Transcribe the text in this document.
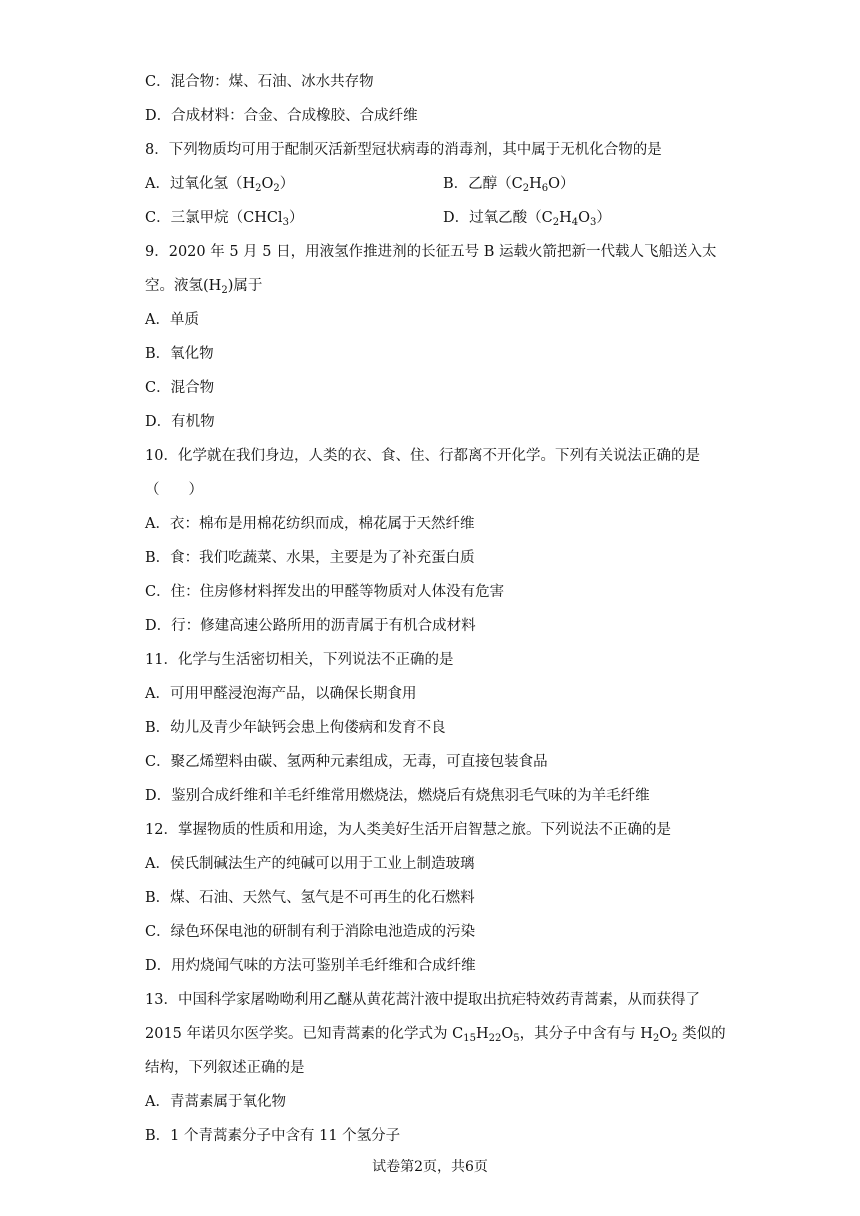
C．混合物：煤、石油、冰水共存物
D．合成材料：合金、合成橡胶、合成纤维
8．下列物质均可用于配制灭活新型冠状病毒的消毒剂，其中属于无机化合物的是
A．过氧化氢$(H_2O_2)$	B．乙醇$(C_2H_6O)$
C．三氯甲烷（CHCl$_3$）	D．过氧乙酸$(C_2H_4O_3)$
9．2020 年 5 月 5 日，用液氢作推进剂的长征五号 B 运载火箭把新一代载人飞船送入太
空。液氢$(H_2)$属于
A．单质
B．氧化物
C．混合物
D．有机物
10．化学就在我们身边，人类的衣、食、住、行都离不开化学。下列有关说法正确的是
（　　）
A．衣：棉布是用棉花纺织而成，棉花属于天然纤维
B．食：我们吃蔬菜、水果，主要是为了补充蛋白质
C．住：住房修材料挥发出的甲醛等物质对人体没有危害
D．行：修建高速公路所用的沥青属于有机合成材料
11．化学与生活密切相关，下列说法不正确的是
A．可用甲醛浸泡海产品，以确保长期食用
B．幼儿及青少年缺钙会患上佝偻病和发育不良
C．聚乙烯塑料由碳、氢两种元素组成，无毒，可直接包装食品
D．鉴别合成纤维和羊毛纤维常用燃烧法，燃烧后有烧焦羽毛气味的为羊毛纤维
12．掌握物质的性质和用途，为人类美好生活开启智慧之旅。下列说法不正确的是
A．侯氏制碱法生产的纯碱可以用于工业上制造玻璃
B．煤、石油、天然气、氢气是不可再生的化石燃料
C．绿色环保电池的研制有利于消除电池造成的污染
D．用灼烧闻气味的方法可鉴别羊毛纤维和合成纤维
13．中国科学家屠呦呦利用乙醚从黄花蒿汁液中提取出抗疟特效药青蒿素，从而获得了
2015 年诺贝尔医学奖。已知青蒿素的化学式为 $C_{15}H_{22}O_5$，其分子中含有与 $H_2O_2$ 类似的
结构，下列叙述正确的是
A．青蒿素属于氧化物
B．1 个青蒿素分子中含有 11 个氢分子
试卷第2页，共6页
